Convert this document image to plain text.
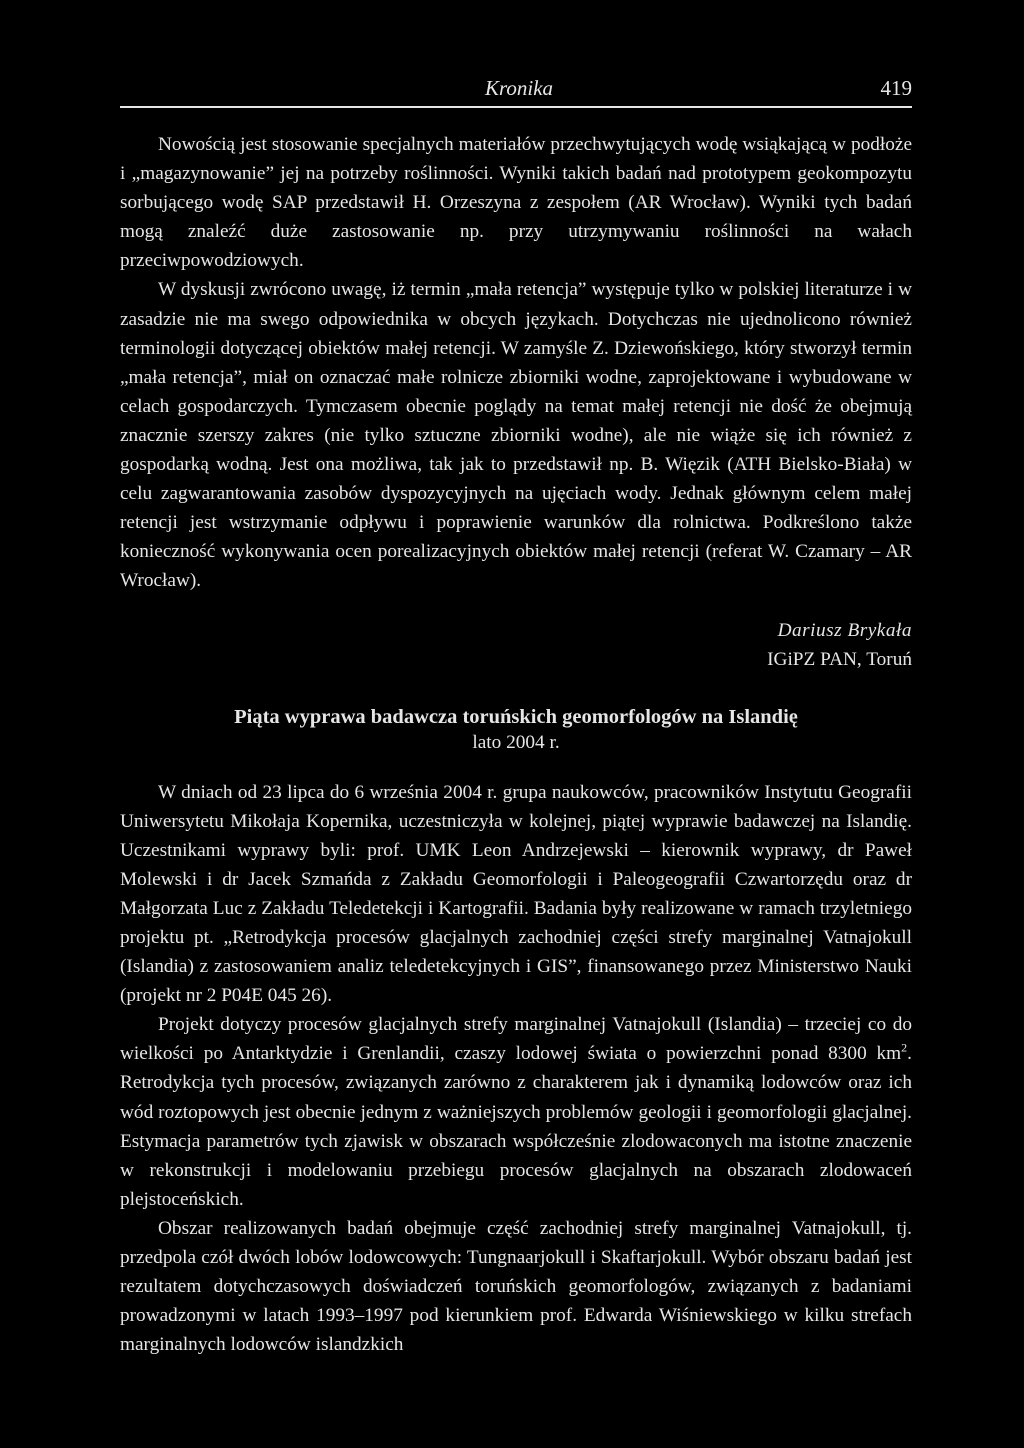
Kronika	419

Nowością jest stosowanie specjalnych materiałów przechwytujących wodę wsiąkającą w podłoże i „magazynowanie” jej na potrzeby roślinności. Wyniki takich badań nad prototypem geokompozytu sorbującego wodę SAP przedstawił H. Orzeszyna z zespołem (AR Wrocław). Wyniki tych badań mogą znaleźć duże zastosowanie np. przy utrzymywaniu roślinności na wałach przeciwpowodziowych.

W dyskusji zwrócono uwagę, iż termin „mała retencja” występuje tylko w polskiej literaturze i w zasadzie nie ma swego odpowiednika w obcych językach. Dotychczas nie ujednolicono również terminologii dotyczącej obiektów małej retencji. W zamyśle Z. Dziewońskiego, który stworzył termin „mała retencja”, miał on oznaczać małe rolnicze zbiorniki wodne, zaprojektowane i wybudowane w celach gospodarczych. Tymczasem obecnie poglądy na temat małej retencji nie dość że obejmują znacznie szerszy zakres (nie tylko sztuczne zbiorniki wodne), ale nie wiąże się ich również z gospodarką wodną. Jest ona możliwa, tak jak to przedstawił np. B. Więzik (ATH Bielsko-Biała) w celu zagwarantowania zasobów dyspozycyjnych na ujęciach wody. Jednak głównym celem małej retencji jest wstrzymanie odpływu i poprawienie warunków dla rolnictwa. Podkreślono także konieczność wykonywania ocen porealizacyjnych obiektów małej retencji (referat W. Czamary – AR Wrocław).

Dariusz Brykała
IGiPZ PAN, Toruń
Piąta wyprawa badawcza toruńskich geomorfologów na Islandię
lato 2004 r.

W dniach od 23 lipca do 6 września 2004 r. grupa naukowców, pracowników Instytutu Geografii Uniwersytetu Mikołaja Kopernika, uczestniczyła w kolejnej, piątej wyprawie badawczej na Islandię. Uczestnikami wyprawy byli: prof. UMK Leon Andrzejewski – kierownik wyprawy, dr Paweł Molewski i dr Jacek Szmańda z Zakładu Geomorfologii i Paleogeografii Czwartorzędu oraz dr Małgorzata Luc z Zakładu Teledetekcji i Kartografii. Badania były realizowane w ramach trzyletniego projektu pt. „Retrodykcja procesów glacjalnych zachodniej części strefy marginalnej Vatnajokull (Islandia) z zastosowaniem analiz teledetekcyjnych i GIS”, finansowanego przez Ministerstwo Nauki (projekt nr 2 P04E 045 26).

Projekt dotyczy procesów glacjalnych strefy marginalnej Vatnajokull (Islandia) – trzeciej co do wielkości po Antarktydzie i Grenlandii, czaszy lodowej świata o powierzchni ponad 8300 $km^2$. Retrodykcja tych procesów, związanych zarówno z charakterem jak i dynamiką lodowców oraz ich wód roztopowych jest obecnie jednym z ważniejszych problemów geologii i geomorfologii glacjalnej. Estymacja parametrów tych zjawisk w obszarach współcześnie zlodowaconych ma istotne znaczenie w rekonstrukcji i modelowaniu przebiegu procesów glacjalnych na obszarach zlodowaceń plejstoceńskich.

Obszar realizowanych badań obejmuje część zachodniej strefy marginalnej Vatnajokull, tj. przedpola czół dwóch lobów lodowcowych: Tungnaarjokull i Skaftarjokull. Wybór obszaru badań jest rezultatem dotychczasowych doświadczeń toruńskich geomorfologów, związanych z badaniami prowadzonymi w latach 1993–1997 pod kierunkiem prof. Edwarda Wiśniewskiego w kilku strefach marginalnych lodowców islandzkich
